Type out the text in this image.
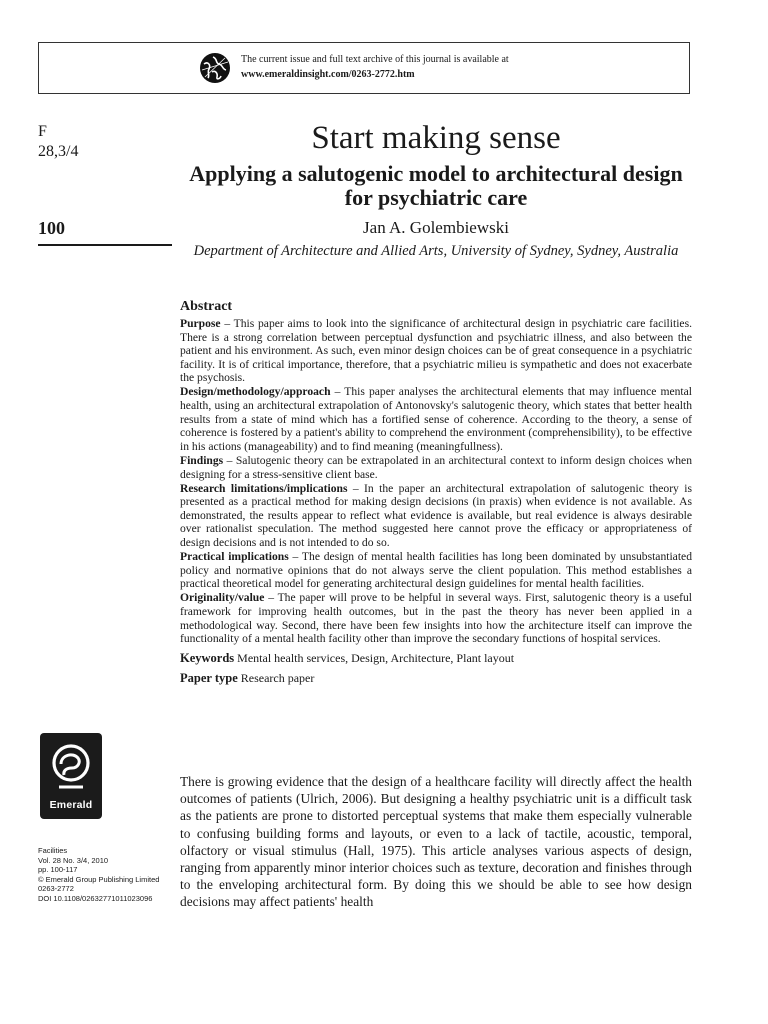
The current issue and full text archive of this journal is available at
www.emeraldinsight.com/0263-2772.htm
F
28,3/4
100
Emerald
Facilities
Vol. 28 No. 3/4, 2010
pp. 100-117
© Emerald Group Publishing Limited
0263-2772
DOI 10.1108/02632771011023096
Start making sense
Applying a salutogenic model to architectural design for psychiatric care
Jan A. Golembiewski
Department of Architecture and Allied Arts, University of Sydney, Sydney, Australia
Abstract

Purpose – This paper aims to look into the significance of architectural design in psychiatric care facilities. There is a strong correlation between perceptual dysfunction and psychiatric illness, and also between the patient and his environment. As such, even minor design choices can be of great consequence in a psychiatric facility. It is of critical importance, therefore, that a psychiatric milieu is sympathetic and does not exacerbate the psychosis.

Design/methodology/approach – This paper analyses the architectural elements that may influence mental health, using an architectural extrapolation of Antonovsky's salutogenic theory, which states that better health results from a state of mind which has a fortified sense of coherence. According to the theory, a sense of coherence is fostered by a patient's ability to comprehend the environment (comprehensibility), to be effective in his actions (manageability) and to find meaning (meaningfullness).

Findings – Salutogenic theory can be extrapolated in an architectural context to inform design choices when designing for a stress-sensitive client base.

Research limitations/implications – In the paper an architectural extrapolation of salutogenic theory is presented as a practical method for making design decisions (in praxis) when evidence is not available. As demonstrated, the results appear to reflect what evidence is available, but real evidence is always desirable over rationalist speculation. The method suggested here cannot prove the efficacy or appropriateness of design decisions and is not intended to do so.

Practical implications – The design of mental health facilities has long been dominated by unsubstantiated policy and normative opinions that do not always serve the client population. This method establishes a practical theoretical model for generating architectural design guidelines for mental health facilities.

Originality/value – The paper will prove to be helpful in several ways. First, salutogenic theory is a useful framework for improving health outcomes, but in the past the theory has never been applied in a methodological way. Second, there have been few insights into how the architecture itself can improve the functionality of a mental health facility other than improve the secondary functions of hospital services.

Keywords Mental health services, Design, Architecture, Plant layout
Paper type Research paper
There is growing evidence that the design of a healthcare facility will directly affect the health outcomes of patients (Ulrich, 2006). But designing a healthy psychiatric unit is a difficult task as the patients are prone to distorted perceptual systems that make them especially vulnerable to confusing building forms and layouts, or even to a lack of tactile, acoustic, temporal, olfactory or visual stimulus (Hall, 1975). This article analyses various aspects of design, ranging from apparently minor interior choices such as texture, decoration and finishes through to the enveloping architectural form. By doing this we should be able to see how design decisions may affect patients' health
